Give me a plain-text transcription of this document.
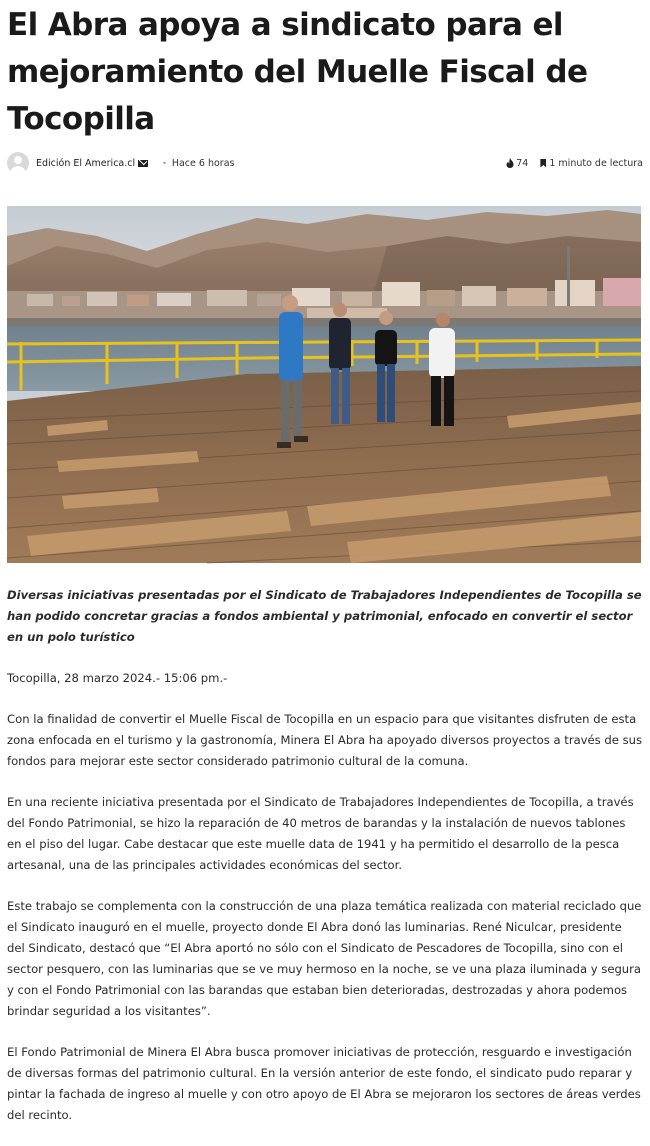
El Abra apoya a sindicato para el mejoramiento del Muelle Fiscal de Tocopilla
Edición El America.cl	• Hace 6 horas	74 1 minuto de lectura

Diversas iniciativas presentadas por el Sindicato de Trabajadores Independientes de Tocopilla se han podido concretar gracias a fondos ambiental y patrimonial, enfocado en convertir el sector en un polo turístico

Tocopilla, 28 marzo 2024.- 15:06 pm.-

Con la finalidad de convertir el Muelle Fiscal de Tocopilla en un espacio para que visitantes disfruten de esta zona enfocada en el turismo y la gastronomía, Minera El Abra ha apoyado diversos proyectos a través de sus fondos para mejorar este sector considerado patrimonio cultural de la comuna.

En una reciente iniciativa presentada por el Sindicato de Trabajadores Independientes de Tocopilla, a través del Fondo Patrimonial, se hizo la reparación de 40 metros de barandas y la instalación de nuevos tablones en el piso del lugar. Cabe destacar que este muelle data de 1941 y ha permitido el desarrollo de la pesca artesanal, una de las principales actividades económicas del sector.

Este trabajo se complementa con la construcción de una plaza temática realizada con material reciclado que el Sindicato inauguró en el muelle, proyecto donde El Abra donó las luminarias. René Niculcar, presidente del Sindicato, destacó que “El Abra aportó no sólo con el Sindicato de Pescadores de Tocopilla, sino con el sector pesquero, con las luminarias que se ve muy hermoso en la noche, se ve una plaza iluminada y segura y con el Fondo Patrimonial con las barandas que estaban bien deterioradas, destrozadas y ahora podemos brindar seguridad a los visitantes”.

El Fondo Patrimonial de Minera El Abra busca promover iniciativas de protección, resguardo e investigación de diversas formas del patrimonio cultural. En la versión anterior de este fondo, el sindicato pudo reparar y pintar la fachada de ingreso al muelle y con otro apoyo de El Abra se mejoraron los sectores de áreas verdes del recinto.
